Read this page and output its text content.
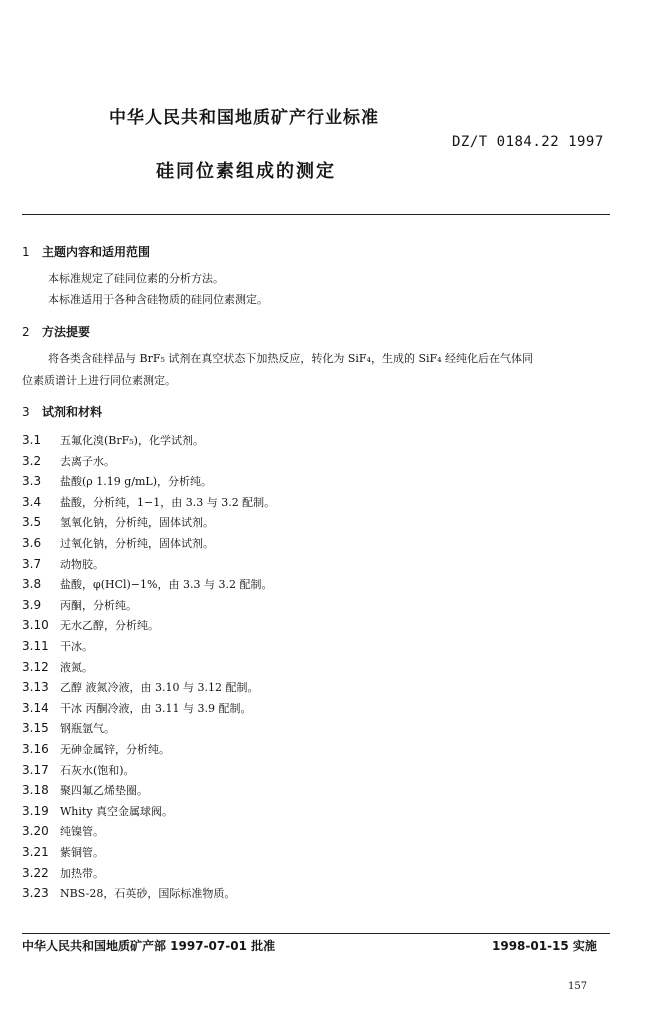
中华人民共和国地质矿产行业标准
DZ/T 0184.22 1997
硅同位素组成的测定
1 主题内容和适用范围
本标准规定了硅同位素的分析方法。
本标准适用于各种含硅物质的硅同位素测定。
2 方法提要
将各类含硅样品与 BrF₅ 试剂在真空状态下加热反应，转化为 SiF₄，生成的 SiF₄ 经纯化后在气体同
位素质谱计上进行同位素测定。
3 试剂和材料
3.1 五氟化溴(BrF₅)，化学试剂。
3.2 去离子水。
3.3 盐酸(ρ 1.19 g/mL)，分析纯。
3.4 盐酸，分析纯，1−1，由 3.3 与 3.2 配制。
3.5 氢氧化钠，分析纯，固体试剂。
3.6 过氧化钠，分析纯，固体试剂。
3.7 动物胶。
3.8 盐酸，φ(HCl)−1%，由 3.3 与 3.2 配制。
3.9 丙酮，分析纯。
3.10 无水乙醇，分析纯。
3.11 干冰。
3.12 液氮。
3.13 乙醇 液氮冷液，由 3.10 与 3.12 配制。
3.14 干冰 丙酮冷液，由 3.11 与 3.9 配制。
3.15 钢瓶氩气。
3.16 无砷金属锌，分析纯。
3.17 石灰水(饱和)。
3.18 聚四氟乙烯垫圈。
3.19 Whity 真空金属球阀。
3.20 纯镍管。
3.21 紫铜管。
3.22 加热带。
3.23 NBS-28，石英砂，国际标准物质。
中华人民共和国地质矿产部 1997-07-01 批准	1998-01-15 实施
157
